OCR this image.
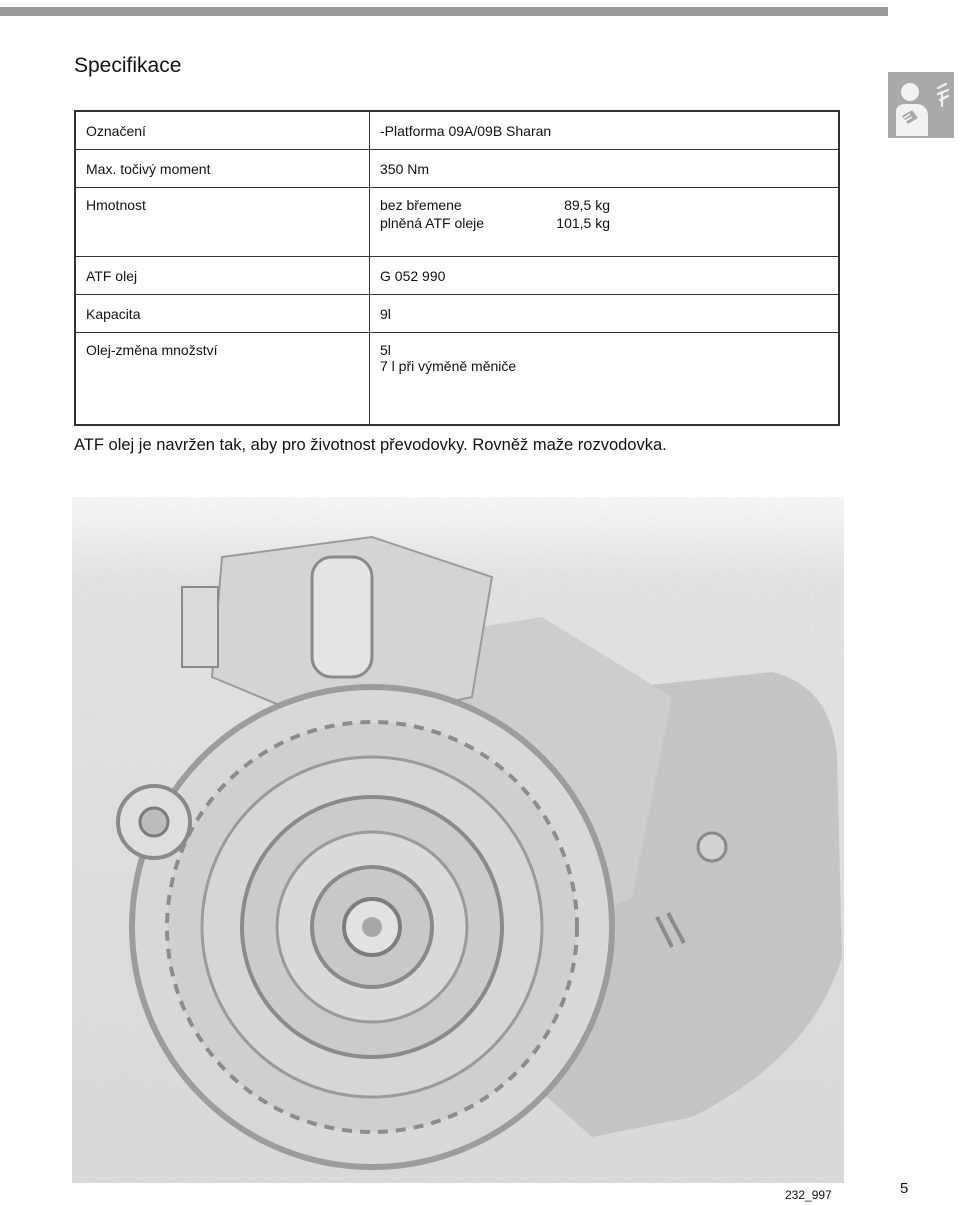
Specifikace
Označení	-Platforma 09A/09B Sharan
Max. točivý moment	350 Nm
Hmotnost	bez břemene 89,5 kg
plněná ATF oleje 101,5 kg

ATF olej	G 052 990
Kapacita	9l
Olej-změna množství	5l
7 l při výměně měniče
ATF olej je navržen tak, aby pro životnost převodovky. Rovněž maže rozvodovka.
232_997	5
